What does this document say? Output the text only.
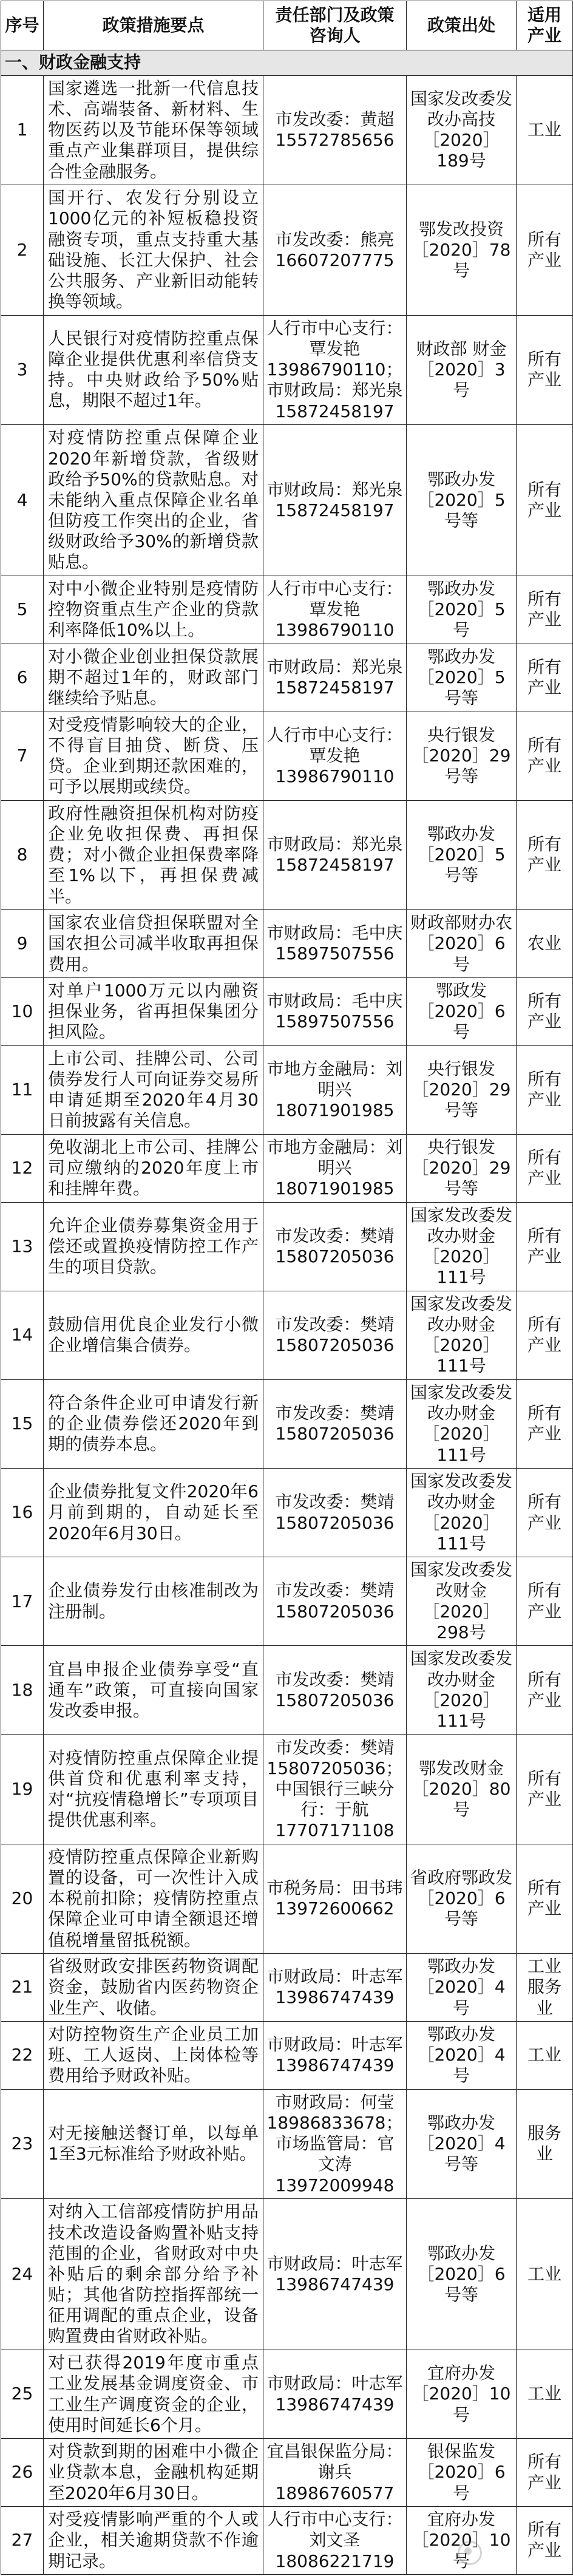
序号	政策措施要点	责任部门及政策咨询人	政策出处	适用产业
一、财政金融支持				
1	国家遴选一批新一代信息技术、高端装备、新材料、生物医药以及节能环保等领域重点产业集群项目，提供综合性金融服务。	市发改委：黄超
15572785656	国家发改委发改办高技［2020］189号	工业
2	国开行、农发行分别设立1000亿元的补短板稳投资融资专项，重点支持重大基础设施、长江大保护、社会公共服务、产业新旧动能转换等领域。	市发改委：熊亮
16607207775	鄂发改投资［2020］78号	所有产业
3	人民银行对疫情防控重点保障企业提供优惠利率信贷支持。中央财政给予50%贴息，期限不超过1年。	人行市中心支行：
覃发艳
13986790110；
市财政局：郑光泉
15872458197	财政部 财金［2020］3号	所有产业
4	对疫情防控重点保障企业2020年新增贷款，省级财政给予50%的贷款贴息。对未能纳入重点保障企业名单但防疫工作突出的企业，省级财政给予30%的新增贷款贴息。	市财政局：郑光泉
15872458197	鄂政办发［2020］5号等	所有产业
5	对中小微企业特别是疫情防控物资重点生产企业的贷款利率降低10%以上。	人行市中心支行：
覃发艳
13986790110	鄂政办发［2020］5号	所有产业
6	对小微企业创业担保贷款展期不超过1年的，财政部门继续给予贴息。	市财政局：郑光泉
15872458197	鄂政办发［2020］5号等	所有产业
7	对受疫情影响较大的企业，不得盲目抽贷、断贷、压贷。企业到期还款困难的，可予以展期或续贷。	人行市中心支行：
覃发艳
13986790110	央行银发［2020］29号等	所有产业
8	政府性融资担保机构对防疫企业免收担保费、再担保费；对小微企业担保费率降至1%以下，再担保费减半。	市财政局：郑光泉
15872458197	鄂政办发［2020］5号等	所有产业
9	国家农业信贷担保联盟对全国农担公司减半收取再担保费用。	市财政局：毛中庆
15897507556	财政部财办农［2020］6号	农业
10	对单户1000万元以内融资担保业务，省再担保集团分担风险。	市财政局：毛中庆
15897507556	鄂政发［2020］6号	所有产业
11	上市公司、挂牌公司、公司债券发行人可向证券交易所申请延期至2020年4月30日前披露有关信息。	市地方金融局：刘
明兴
18071901985	央行银发［2020］29号等	所有产业
12	免收湖北上市公司、挂牌公司应缴纳的2020年度上市和挂牌年费。	市地方金融局：刘
明兴
18071901985	央行银发［2020］29号等	所有产业
13	允许企业债券募集资金用于偿还或置换疫情防控工作产生的项目贷款。	市发改委：樊靖
15807205036	国家发改委发改办财金［2020］111号	所有产业
14	鼓励信用优良企业发行小微企业增信集合债券。	市发改委：樊靖
15807205036	国家发改委发改办财金［2020］111号	所有产业
15	符合条件企业可申请发行新的企业债券偿还2020年到期的债券本息。	市发改委：樊靖
15807205036	国家发改委发改办财金［2020］111号	所有产业
16	企业债券批复文件2020年6月前到期的，自动延长至2020年6月30日。	市发改委：樊靖
15807205036	国家发改委发改办财金［2020］111号	所有产业
17	企业债券发行由核准制改为注册制。	市发改委：樊靖
15807205036	国家发改委发改财金［2020］298号	所有产业
18	宜昌申报企业债券享受“直通车”政策，可直接向国家发改委申报。	市发改委：樊靖
15807205036	国家发改委发改办财金［2020］111号	所有产业
19	对疫情防控重点保障企业提供首贷和优惠利率支持，对“抗疫情稳增长”专项项目提供优惠利率。	市发改委：樊靖
15807205036；
中国银行三峡分
行：于航
17707171108	鄂发改财金［2020］80号	所有产业
20	疫情防控重点保障企业新购置的设备，可一次性计入成本税前扣除；疫情防控重点保障企业可申请全额退还增值税增量留抵税额。	市税务局：田书玮
13972600662	省政府鄂政发［2020］6号等	所有产业
21	省级财政安排医药物资调配资金，鼓励省内医药物资企业生产、收储。	市财政局：叶志军
13986747439	鄂政办发［2020］4号	工业服务业
22	对防控物资生产企业员工加班、工人返岗、上岗体检等费用给予财政补贴。	市财政局：叶志军
13986747439	鄂政办发［2020］4号	工业
23	对无接触送餐订单，以每单1至3元标准给予财政补贴。	市财政局：何莹
18986833678；
市场监管局：官
文涛
13972009948	鄂政办发［2020］4号等	服务业
24	对纳入工信部疫情防护用品技术改造设备购置补贴支持范围的企业，省财政对中央补贴后的剩余部分给予补贴；其他省防控指挥部统一征用调配的重点企业，设备购置费由省财政补贴。	市财政局：叶志军
13986747439	鄂政办发［2020］6号等	工业
25	对已获得2019年度市重点工业发展基金调度资金、市工业生产调度资金的企业，使用时间延长6个月。	市财政局：叶志军
13986747439	宜府办发［2020］10号	工业
26	对贷款到期的困难中小微企业贷款本息，金融机构延期至2020年6月30日。	宜昌银保监分局：
谢兵
18986760577	银保监发［2020］6号	所有产业
27	对受疫情影响严重的个人或企业，相关逾期贷款不作逾期记录。	人行市中心支行：
刘文圣
18086221719	宜府办发［2020］10号	所有产业
